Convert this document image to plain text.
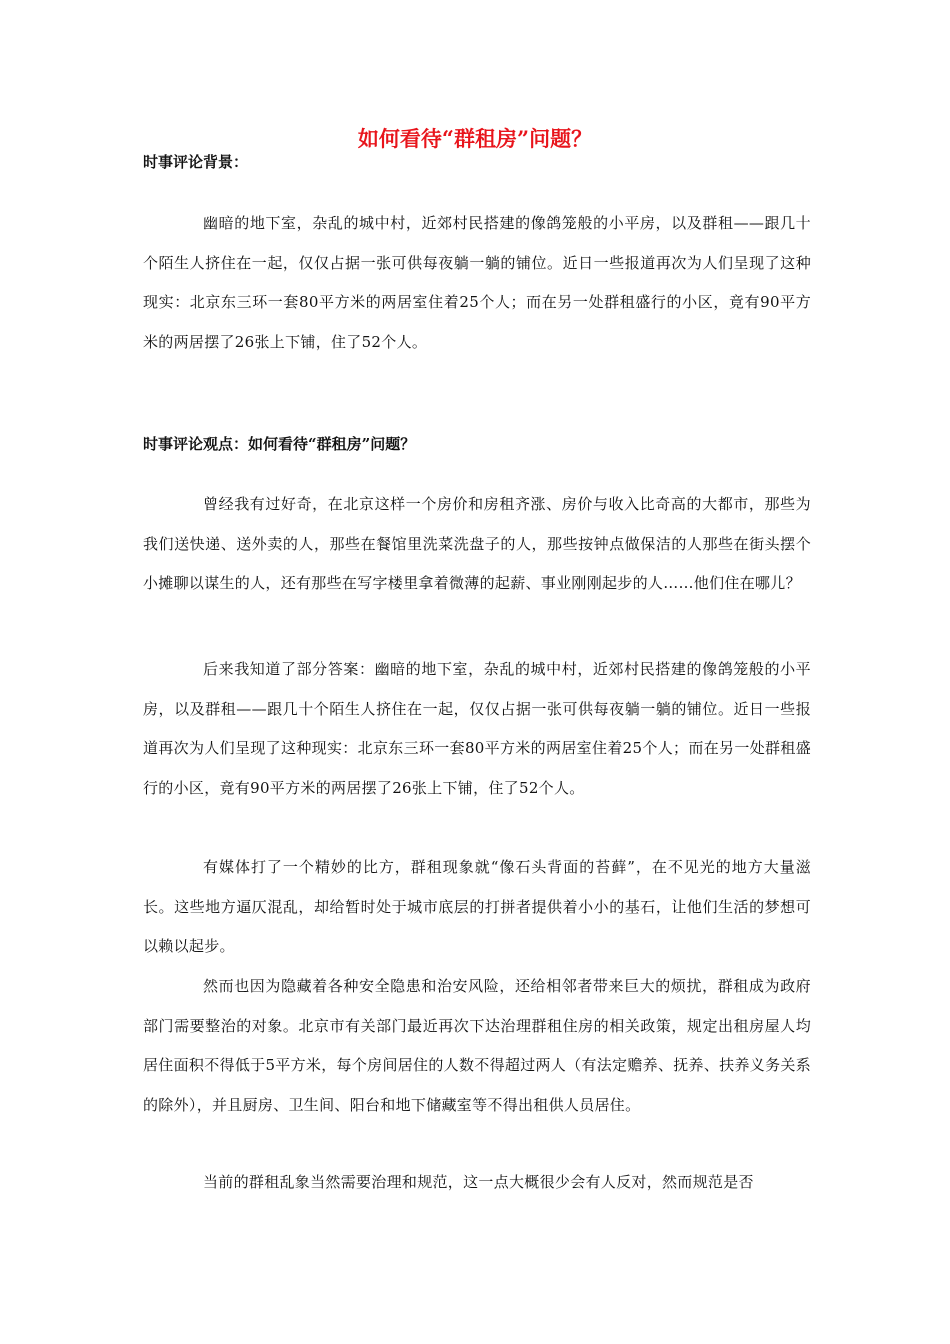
如何看待“群租房”问题？

时事评论背景：

幽暗的地下室，杂乱的城中村，近郊村民搭建的像鸽笼般的小平房，以及群租——跟几十个陌生人挤住在一起，仅仅占据一张可供每夜躺一躺的铺位。近日一些报道再次为人们呈现了这种现实：北京东三环一套80平方米的两居室住着25个人；而在另一处群租盛行的小区，竟有90平方米的两居摆了26张上下铺，住了52个人。

时事评论观点：如何看待“群租房”问题？

曾经我有过好奇，在北京这样一个房价和房租齐涨、房价与收入比奇高的大都市，那些为我们送快递、送外卖的人，那些在餐馆里洗菜洗盘子的人，那些按钟点做保洁的人那些在街头摆个小摊聊以谋生的人，还有那些在写字楼里拿着微薄的起薪、事业刚刚起步的人……他们住在哪儿？

后来我知道了部分答案：幽暗的地下室，杂乱的城中村，近郊村民搭建的像鸽笼般的小平房，以及群租——跟几十个陌生人挤住在一起，仅仅占据一张可供每夜躺一躺的铺位。近日一些报道再次为人们呈现了这种现实：北京东三环一套80平方米的两居室住着25个人；而在另一处群租盛行的小区，竟有90平方米的两居摆了26张上下铺，住了52个人。

有媒体打了一个精妙的比方，群租现象就“像石头背面的苔藓”，在不见光的地方大量滋长。这些地方逼仄混乱，却给暂时处于城市底层的打拼者提供着小小的基石，让他们生活的梦想可以赖以起步。

然而也因为隐藏着各种安全隐患和治安风险，还给相邻者带来巨大的烦扰，群租成为政府部门需要整治的对象。北京市有关部门最近再次下达治理群租住房的相关政策，规定出租房屋人均居住面积不得低于5平方米，每个房间居住的人数不得超过两人（有法定赡养、抚养、扶养义务关系的除外），并且厨房、卫生间、阳台和地下储藏室等不得出租供人员居住。

当前的群租乱象当然需要治理和规范，这一点大概很少会有人反对，然而规范是否
